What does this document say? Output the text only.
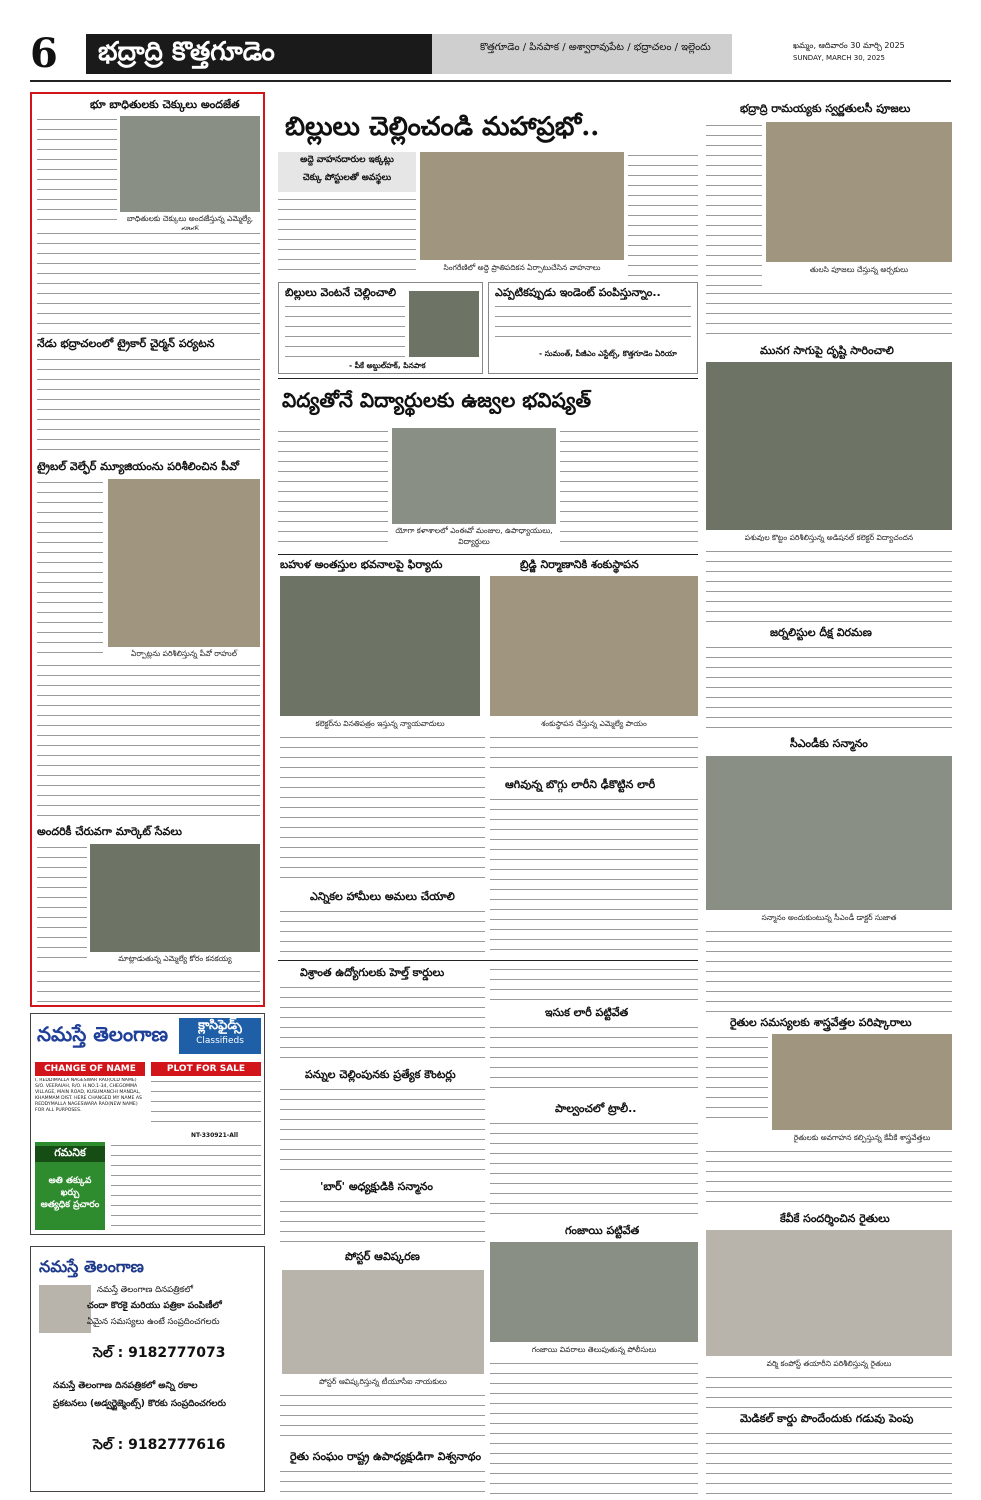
6	భద్రాద్రి కొత్తగూడెం	కొత్తగూడెం / పినపాక / అశ్వారావుపేట / భద్రాచలం / ఇల్లెందు	ఖమ్మం, ఆదివారం 30 మార్చి 2025
SUNDAY, MARCH 30, 2025
భూ బాధితులకు చెక్కులు అందజేత
బాధితులకు చెక్కులు అందజేస్తున్న ఎమ్మెల్యే,
నేడు భద్రాచలంలో ట్రైకార్ చైర్మన్ పర్యటన
ట్రైబల్ వెల్ఫేర్ మ్యూజియంను పరిశీలించిన పీవో
ఏర్పాట్లను పరిశీలిస్తున్న పీవో రాహుల్
అందరికీ చేరువగా మార్కెట్ సేవలు
మాట్లాడుతున్న ఎమ్మెల్యే కోరం కనకయ్య
నమస్తే తెలంగాణ	క్లాసిఫైడ్స్
Classifieds
CHANGE OF NAME	PLOT FOR SALE
I, REDDIMALLA NAGESWAR RAO(OLD NAME) S/O. VEERAIAH, R/O. H.NO.1-34, CHEGOMMA VILLAGE, MAIN ROAD, KUSUMANCHI MANDAL, KHAMMAM DIST. HERE CHANGED MY NAME AS REDDYMALLA NAGESWARA RAO(NEW NAME) FOR ALL PURPOSES.
NT-330921-All
గమనిక
అతి తక్కువ ఖర్చు
అత్యధిక ప్రచారం
నమస్తే తెలంగాణ
నమస్తే తెలంగాణ దినపత్రికలో
చందా కొరకై మరియు పత్రికా పంపిణీలో
ఏమైన సమస్యలు ఉంటే సంప్రదించగలరు
సెల్ : 9182777073
నమస్తే తెలంగాణ దినపత్రికలో అన్ని రకాల
ప్రకటనలు (అడ్వర్టైజ్మెంట్స్) కొరకు సంప్రదించగలరు
సెల్ : 9182777616
బిల్లులు చెల్లించండి మహాప్రభో..
అద్దె వాహనదారుల ఇక్కట్లు
చెక్కు పోస్టులతో అవస్థలు
సింగరేణిలో అద్దె ప్రాతిపదికన ఏర్పాటుచేసిన వాహనాలు
బిల్లులు వెంటనే చెల్లించాలి
- పీకే అబ్దుల్‌హక్, పినపాక
ఎప్పటికప్పుడు ఇండెంట్ పంపిస్తున్నాం..
- సుమంత్, పీజీఎం ఎస్టేట్స్, కొత్తగూడెం ఏరియా
విద్యతోనే విద్యార్థులకు ఉజ్వల భవిష్యత్
యోగా కళాశాలలో ఎంఈవో మంజుల, ఉపాధ్యాయులు, విద్యార్థులు
బహుళ అంతస్తుల భవనాలపై ఫిర్యాదు
కలెక్టర్‌ను వినతిపత్రం ఇస్తున్న న్యాయవాదులు
బ్రిడ్జి నిర్మాణానికి శంకుస్థాపన
శంకుస్థాపన చేస్తున్న ఎమ్మెల్యే పాయం
ఆగివున్న బొగ్గు లారీని ఢీకొట్టిన లారీ
ఎన్నికల హామీలు అమలు చేయాలి
విశ్రాంత ఉద్యోగులకు హెల్త్ కార్డులు
పన్నుల చెల్లింపునకు ప్రత్యేక కౌంటర్లు
'బార్' అధ్యక్షుడికి సన్మానం
పోస్టర్ ఆవిష్కరణ
పోస్టర్ ఆవిష్కరిస్తున్న టీయూసీఐ నాయకులు
రైతు సంఘం రాష్ట్ర ఉపాధ్యక్షుడిగా విశ్వనాథం
ఇసుక లారీ పట్టివేత
పాల్వంచలో ట్రాలీ..
గంజాయి పట్టివేత
గంజాయి వివరాలు తెలుపుతున్న పోలీసులు
భద్రాద్రి రామయ్యకు స్వర్ణతులసీ పూజలు
తులసి పూజలు చేస్తున్న అర్చకులు
మునగ సాగుపై దృష్టి సారించాలి
పశువుల కొట్టం పరిశీలిస్తున్న అడిషనల్ కలెక్టర్ విద్యాచందన
జర్నలిస్టుల దీక్ష విరమణ
సీఎండీకు సన్మానం
సన్మానం అందుకుంటున్న సీఎండీ డాక్టర్ సుజాత
రైతుల సమస్యలకు శాస్త్రవేత్తల పరిష్కారాలు
రైతులకు అవగాహన కల్పిస్తున్న కేవీకే శాస్త్రవేత్తలు
కేవీకే సందర్శించిన రైతులు
వర్మి కంపోస్ట్ తయారీని పరిశీలిస్తున్న రైతులు
మెడికల్ కార్డు పొందేందుకు గడువు పెంపు
